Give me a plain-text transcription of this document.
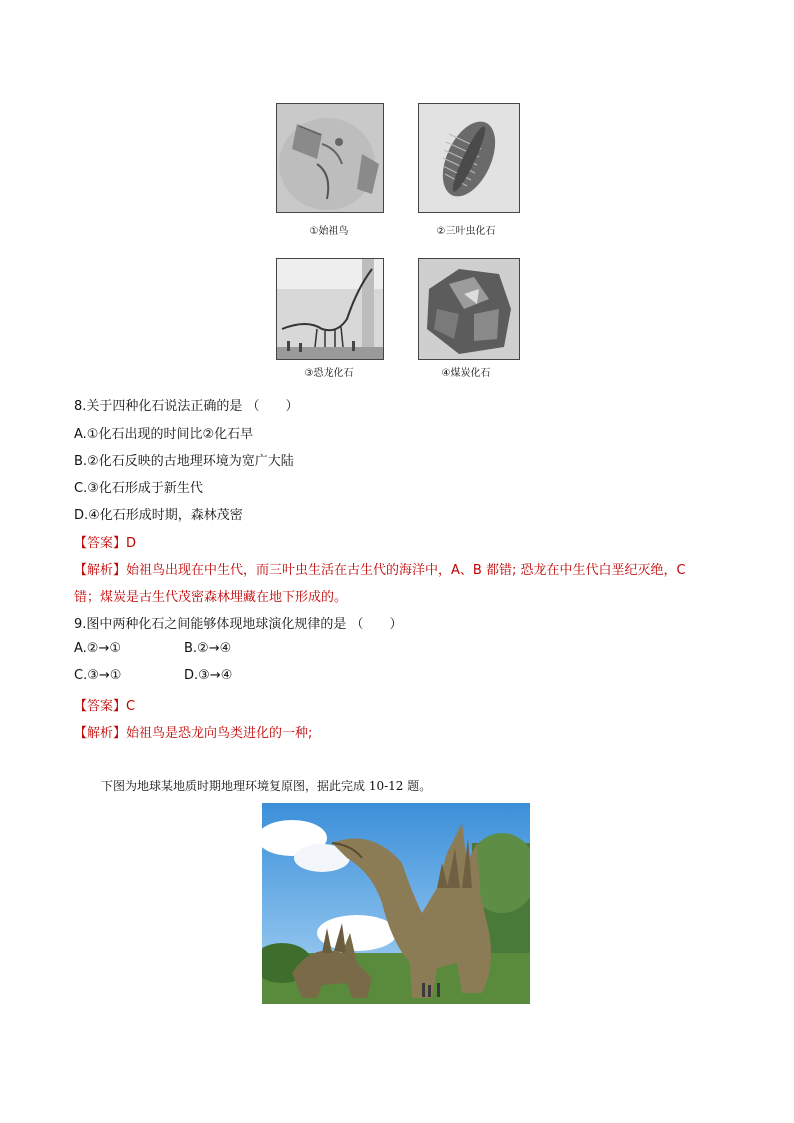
①始祖鸟	②三叶虫化石
③恐龙化石	④煤炭化石
8.关于四种化石说法正确的是 （　　）
A.①化石出现的时间比②化石早
B.②化石反映的古地理环境为宽广大陆
C.③化石形成于新生代
D.④化石形成时期，森林茂密
【答案】D
【解析】始祖鸟出现在中生代，而三叶虫生活在古生代的海洋中，A、B 都错; 恐龙在中生代白垩纪灭绝，C
错；煤炭是古生代茂密森林埋藏在地下形成的。
9.图中两种化石之间能够体现地球演化规律的是 （　　）
A.②→①	B.②→④
C.③→①	D.③→④
【答案】C
【解析】始祖鸟是恐龙向鸟类进化的一种;
下图为地球某地质时期地理环境复原图，据此完成 10-12 题。
